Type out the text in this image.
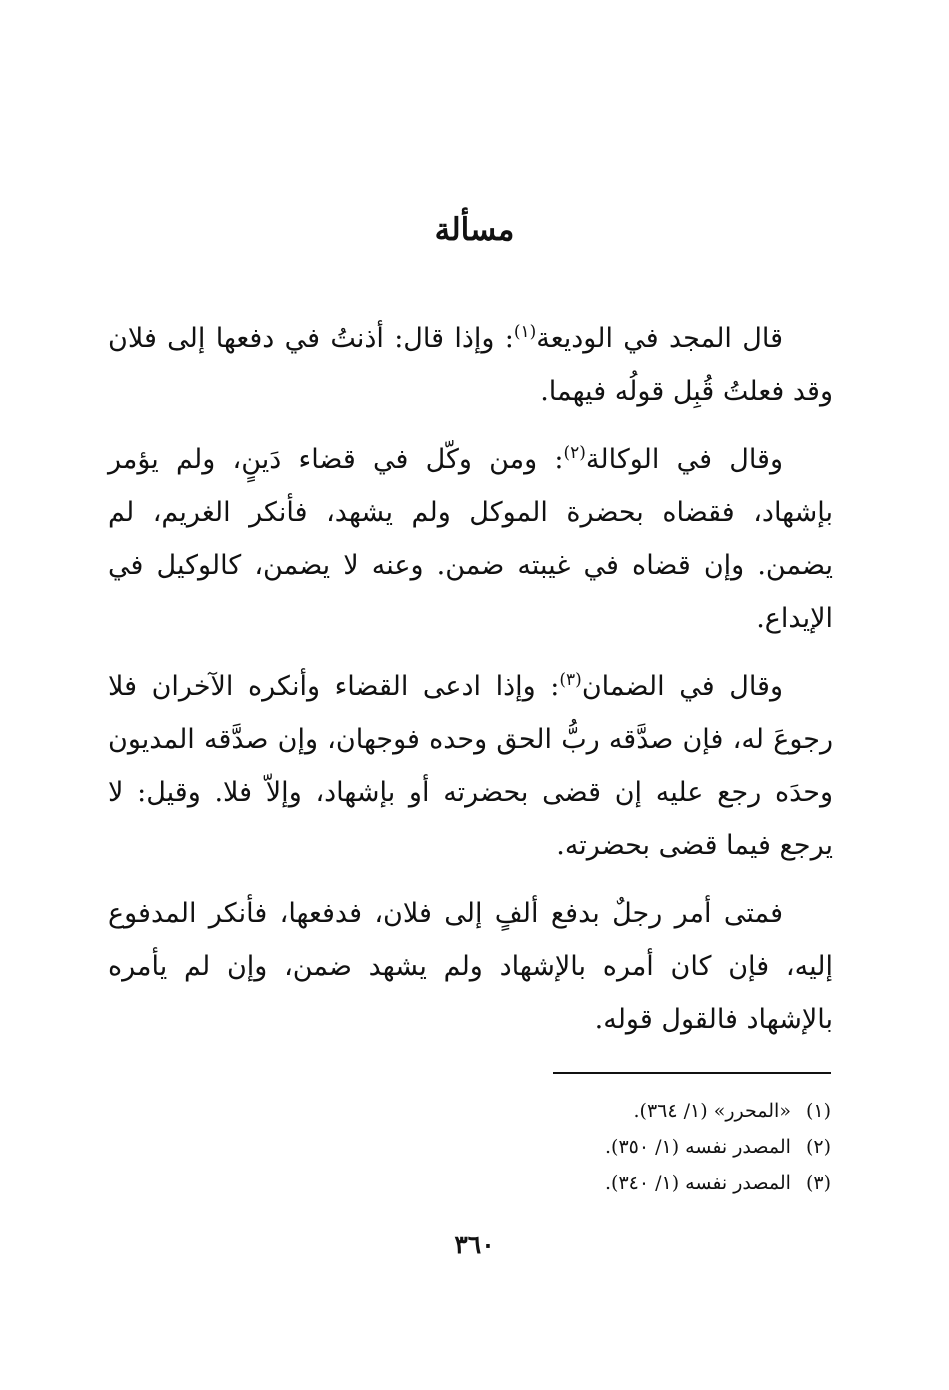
مسألة

قال المجد في الوديعة$^{(١)}$: وإذا قال: أذنتُ في دفعها إلى فلان وقد فعلتُ قُبِل قولُه فيهما.

وقال في الوكالة$^{(٢)}$: ومن وكّل في قضاء دَينٍ، ولم يؤمر بإشهاد، فقضاه بحضرة الموكل ولم يشهد، فأنكر الغريم، لم يضمن. وإن قضاه في غيبته ضمن. وعنه لا يضمن، كالوكيل في الإيداع.

وقال في الضمان$^{(٣)}$: وإذا ادعى القضاء وأنكره الآخران فلا رجوعَ له، فإن صدَّقه ربُّ الحق وحده فوجهان، وإن صدَّقه المديون وحدَه رجع عليه إن قضى بحضرته أو بإشهاد، وإلاّ فلا. وقيل: لا يرجع فيما قضى بحضرته.

فمتى أمر رجلٌ بدفع ألفٍ إلى فلان، فدفعها، فأنكر المدفوع إليه، فإن كان أمره بالإشهاد ولم يشهد ضمن، وإن لم يأمره بالإشهاد فالقول قوله.

(١) «المحرر» (١/ ٣٦٤).
(٢) المصدر نفسه (١/ ٣٥٠).
(٣) المصدر نفسه (١/ ٣٤٠).
٣٦٠
